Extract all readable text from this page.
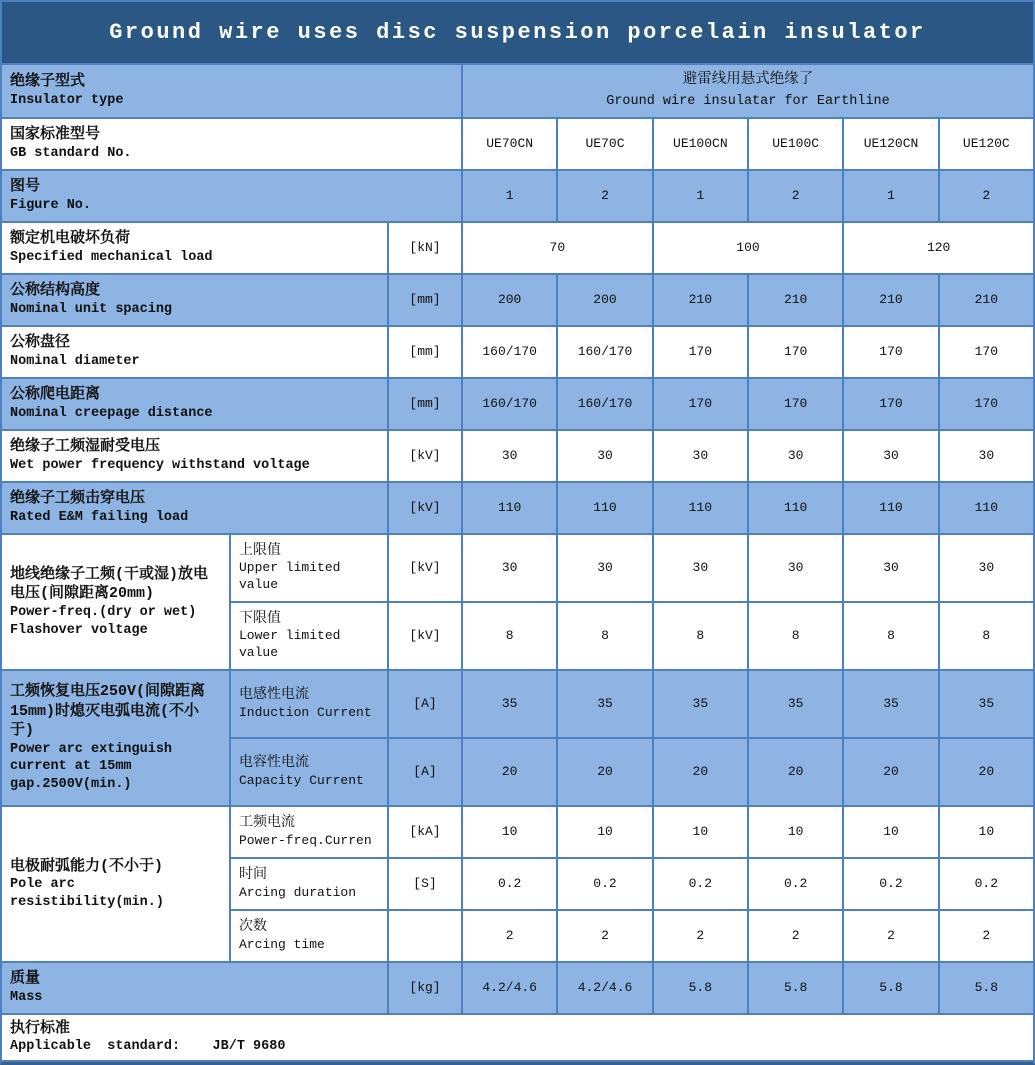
Ground wire uses disc suspension porcelain insulator
绝缘子型式
Insulator type
避雷线用悬式绝缘了
Ground wire insulatar for Earthline
国家标准型号
GB standard No.
UE70CN	UE70C	UE100CN	UE100C	UE120CN	UE120C
图号
Figure No.
1	2	1	2	1	2
额定机电破坏负荷
Specified mechanical load
[kN]	70	100	120
公称结构高度
Nominal unit spacing
[mm]	200	200	210	210	210	210
公称盘径
Nominal diameter
[mm]	160/170	160/170	170	170	170	170
公称爬电距离
Nominal creepage distance
[mm]	160/170	160/170	170	170	170	170
绝缘子工频湿耐受电压
Wet power frequency withstand voltage
[kV]	30	30	30	30	30	30
绝缘子工频击穿电压
Rated E&M failing load
[kV]	110	110	110	110	110	110
地线绝缘子工频(干或湿)放电电压(间隙距离20mm)
Power-freq.(dry or wet) Flashover voltage
上限值
Upper limited value
[kV]	30	30	30	30	30	30
下限值
Lower limited value
[kV]	8	8	8	8	8	8
工频恢复电压250V(间隙距离15mm)时熄灭电弧电流(不小于)
Power arc extinguish current at 15mm gap.2500V(min.)
电感性电流
Induction Current
[A]	35	35	35	35	35	35
电容性电流
Capacity Current
[A]	20	20	20	20	20	20
电极耐弧能力(不小于)
Pole arc resistibility(min.)
工频电流
Power-freq.Curren
[kA]	10	10	10	10	10	10
时间
Arcing duration
[S]	0.2	0.2	0.2	0.2	0.2	0.2
次数
Arcing time
2	2	2	2	2	2
质量
Mass
[kg]	4.2/4.6	4.2/4.6	5.8	5.8	5.8	5.8
执行标准
Applicable  standard:    JB/T 9680
